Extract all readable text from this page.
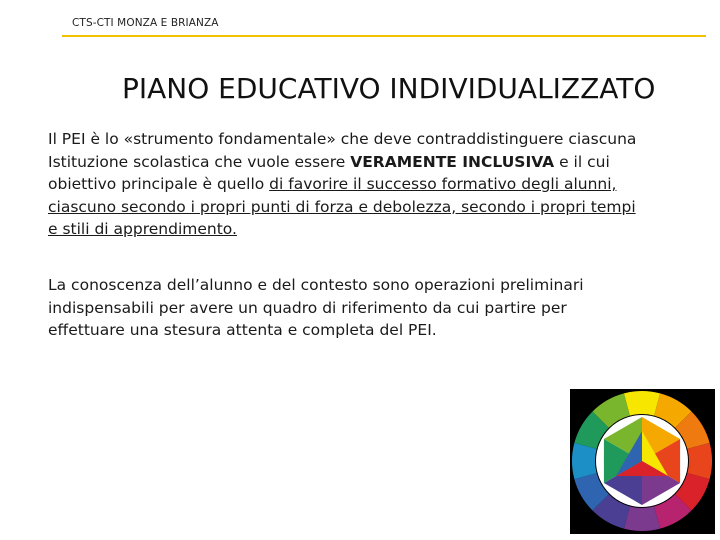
CTS-CTI MONZA E BRIANZA
PIANO EDUCATIVO INDIVIDUALIZZATO
Il PEI è lo «strumento fondamentale» che deve contraddistinguere ciascuna
Istituzione scolastica che vuole essere VERAMENTE INCLUSIVA e il cui
obiettivo principale è quello di favorire il successo formativo degli alunni,
ciascuno secondo i propri punti di forza e debolezza, secondo i propri tempi
e stili di apprendimento.
La conoscenza dell’alunno e del contesto sono operazioni preliminari
indispensabili per avere un quadro di riferimento da cui partire per
effettuare una stesura attenta e completa del PEI.
